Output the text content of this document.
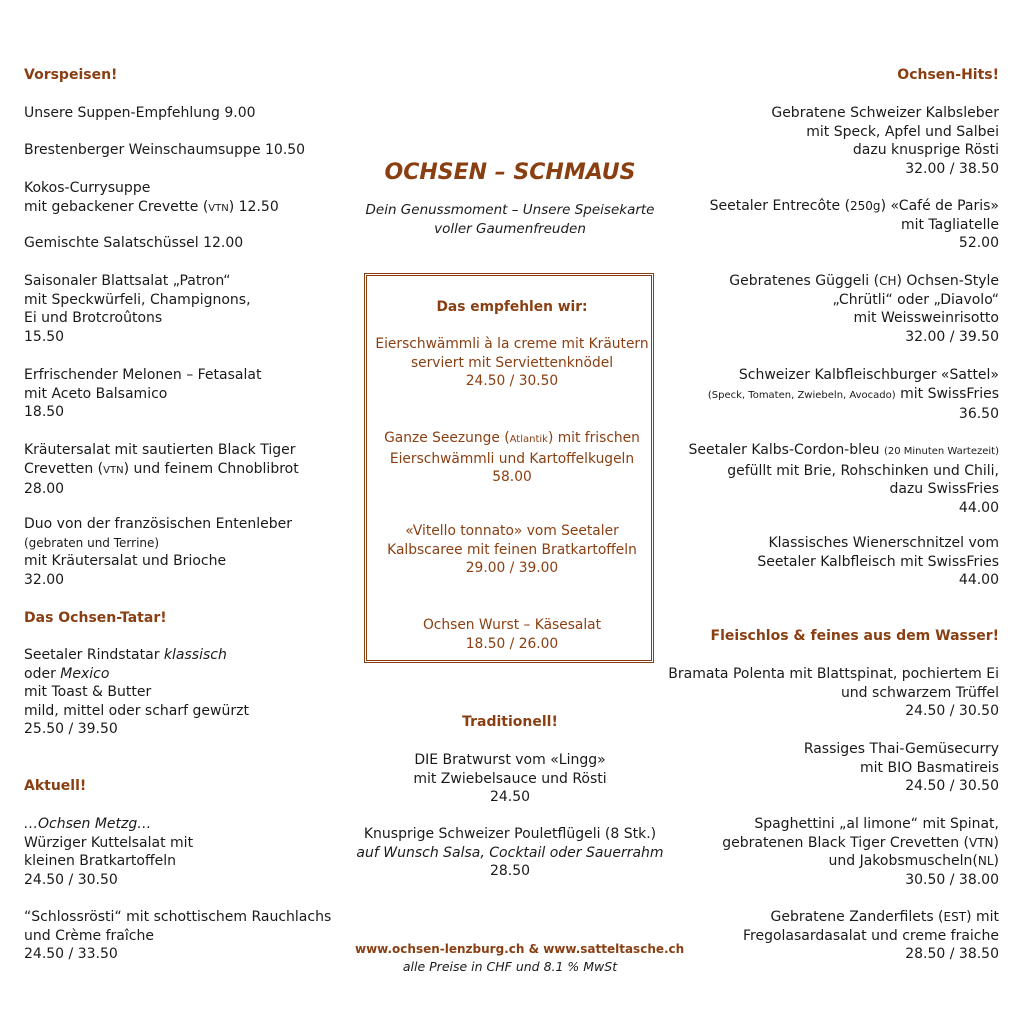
Vorspeisen!
Unsere Suppen-Empfehlung 9.00
Brestenberger Weinschaumsuppe 10.50
Kokos-Currysuppe
mit gebackener Crevette (VTN) 12.50
Gemischte Salatschüssel 12.00
Saisonaler Blattsalat „Patron“
mit Speckwürfeli, Champignons,
Ei und Brotcroûtons
15.50
Erfrischender Melonen – Fetasalat
mit Aceto Balsamico
18.50
Kräutersalat mit sautierten Black Tiger
Crevetten (VTN) und feinem Chnoblibrot
28.00
Duo von der französischen Entenleber
(gebraten und Terrine)
mit Kräutersalat und Brioche
32.00
Das Ochsen-Tatar!
Seetaler Rindstatar klassisch
oder Mexico
mit Toast & Butter
mild, mittel oder scharf gewürzt
25.50 / 39.50
Aktuell!
…Ochsen Metzg…
Würziger Kuttelsalat mit
kleinen Bratkartoffeln
24.50 / 30.50
“Schlossrösti“ mit schottischem Rauchlachs
und Crème fraîche
24.50 / 33.50
OCHSEN – SCHMAUS
Dein Genussmoment – Unsere Speisekarte
voller Gaumenfreuden
Das empfehlen wir:
Eierschwämmli à la creme mit Kräutern
serviert mit Serviettenknödel
24.50 / 30.50
Ganze Seezunge (Atlantik) mit frischen
Eierschwämmli und Kartoffelkugeln
58.00
«Vitello tonnato» vom Seetaler
Kalbscaree mit feinen Bratkartoffeln
29.00 / 39.00
Ochsen Wurst – Käsesalat
18.50 / 26.00
Traditionell!
DIE Bratwurst vom «Lingg»
mit Zwiebelsauce und Rösti
24.50
Knusprige Schweizer Pouletflügeli (8 Stk.)
auf Wunsch Salsa, Cocktail oder Sauerrahm
28.50
www.ochsen-lenzburg.ch & www.satteltasche.ch
alle Preise in CHF und 8.1 % MwSt
Ochsen-Hits!
Gebratene Schweizer Kalbsleber
mit Speck, Apfel und Salbei
dazu knusprige Rösti
32.00 / 38.50
Seetaler Entrecôte (250g) «Café de Paris»
mit Tagliatelle
52.00
Gebratenes Güggeli (CH) Ochsen-Style
„Chrütli“ oder „Diavolo“
mit Weissweinrisotto
32.00 / 39.50
Schweizer Kalbfleischburger «Sattel»
(Speck, Tomaten, Zwiebeln, Avocado) mit SwissFries
36.50
Seetaler Kalbs-Cordon-bleu (20 Minuten Wartezeit)
gefüllt mit Brie, Rohschinken und Chili,
dazu SwissFries
44.00
Klassisches Wienerschnitzel vom
Seetaler Kalbfleisch mit SwissFries
44.00
Fleischlos & feines aus dem Wasser!
Bramata Polenta mit Blattspinat, pochiertem Ei
und schwarzem Trüffel
24.50 / 30.50
Rassiges Thai-Gemüsecurry
mit BIO Basmatireis
24.50 / 30.50
Spaghettini „al limone“ mit Spinat,
gebratenen Black Tiger Crevetten (VTN)
und Jakobsmuscheln(NL)
30.50 / 38.00
Gebratene Zanderfilets (EST) mit
Fregolasardasalat und creme fraiche
28.50 / 38.50
